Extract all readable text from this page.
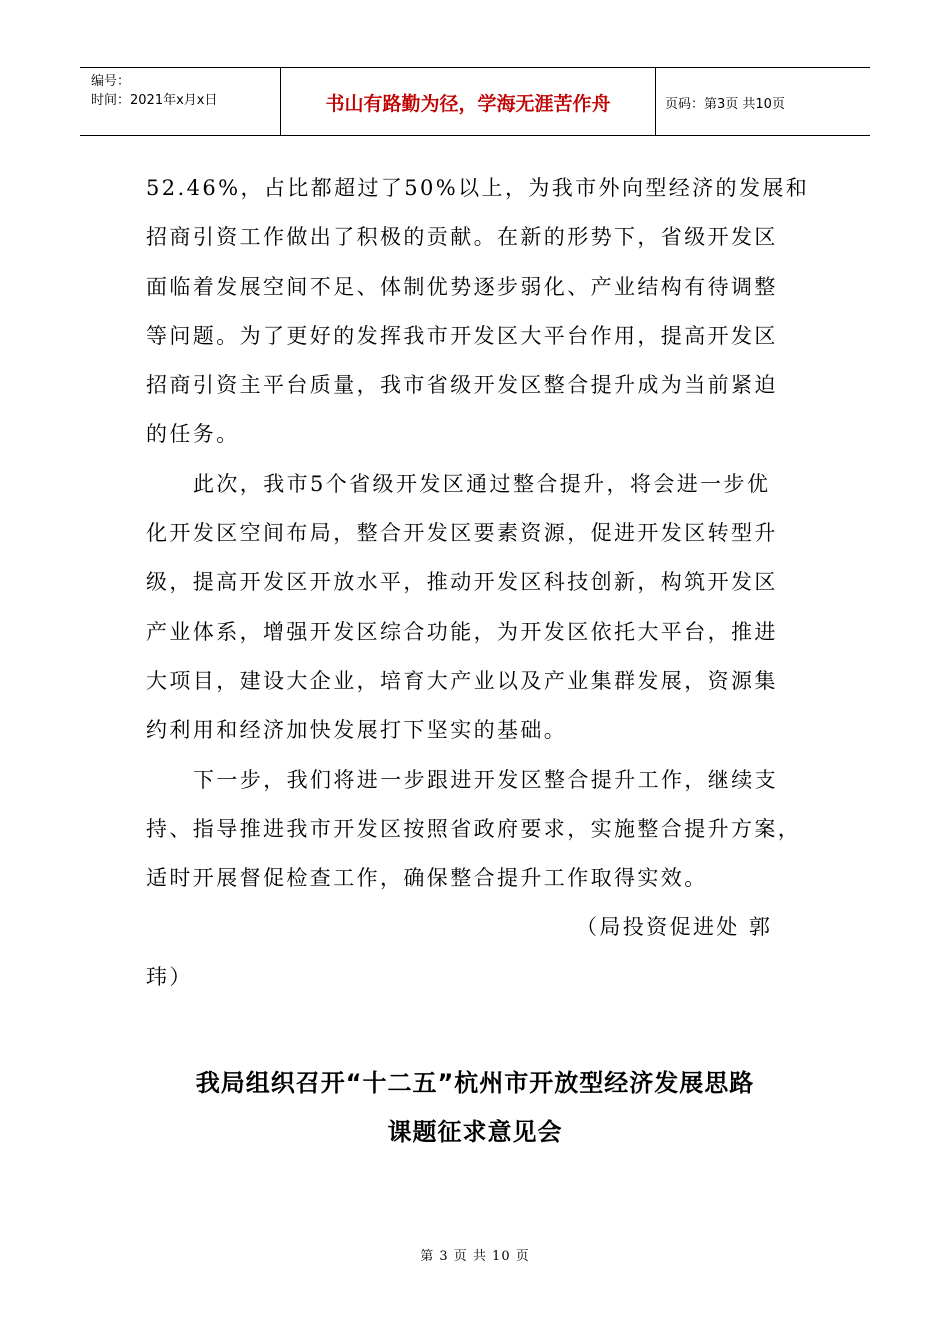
编号：
时间：2021年x月x日	书山有路勤为径，学海无涯苦作舟	页码：第3页 共10页
52.46%，占比都超过了50%以上，为我市外向型经济的发展和
招商引资工作做出了积极的贡献。在新的形势下，省级开发区
面临着发展空间不足、体制优势逐步弱化、产业结构有待调整
等问题。为了更好的发挥我市开发区大平台作用，提高开发区
招商引资主平台质量，我市省级开发区整合提升成为当前紧迫
的任务。
此次，我市5个省级开发区通过整合提升，将会进一步优
化开发区空间布局，整合开发区要素资源，促进开发区转型升
级，提高开发区开放水平，推动开发区科技创新，构筑开发区
产业体系，增强开发区综合功能，为开发区依托大平台，推进
大项目，建设大企业，培育大产业以及产业集群发展，资源集
约利用和经济加快发展打下坚实的基础。
下一步，我们将进一步跟进开发区整合提升工作，继续支
持、指导推进我市开发区按照省政府要求，实施整合提升方案，
适时开展督促检查工作，确保整合提升工作取得实效。
（局投资促进处 郭
玮）
我局组织召开“十二五”杭州市开放型经济发展思路
课题征求意见会
第 3 页 共 10 页
